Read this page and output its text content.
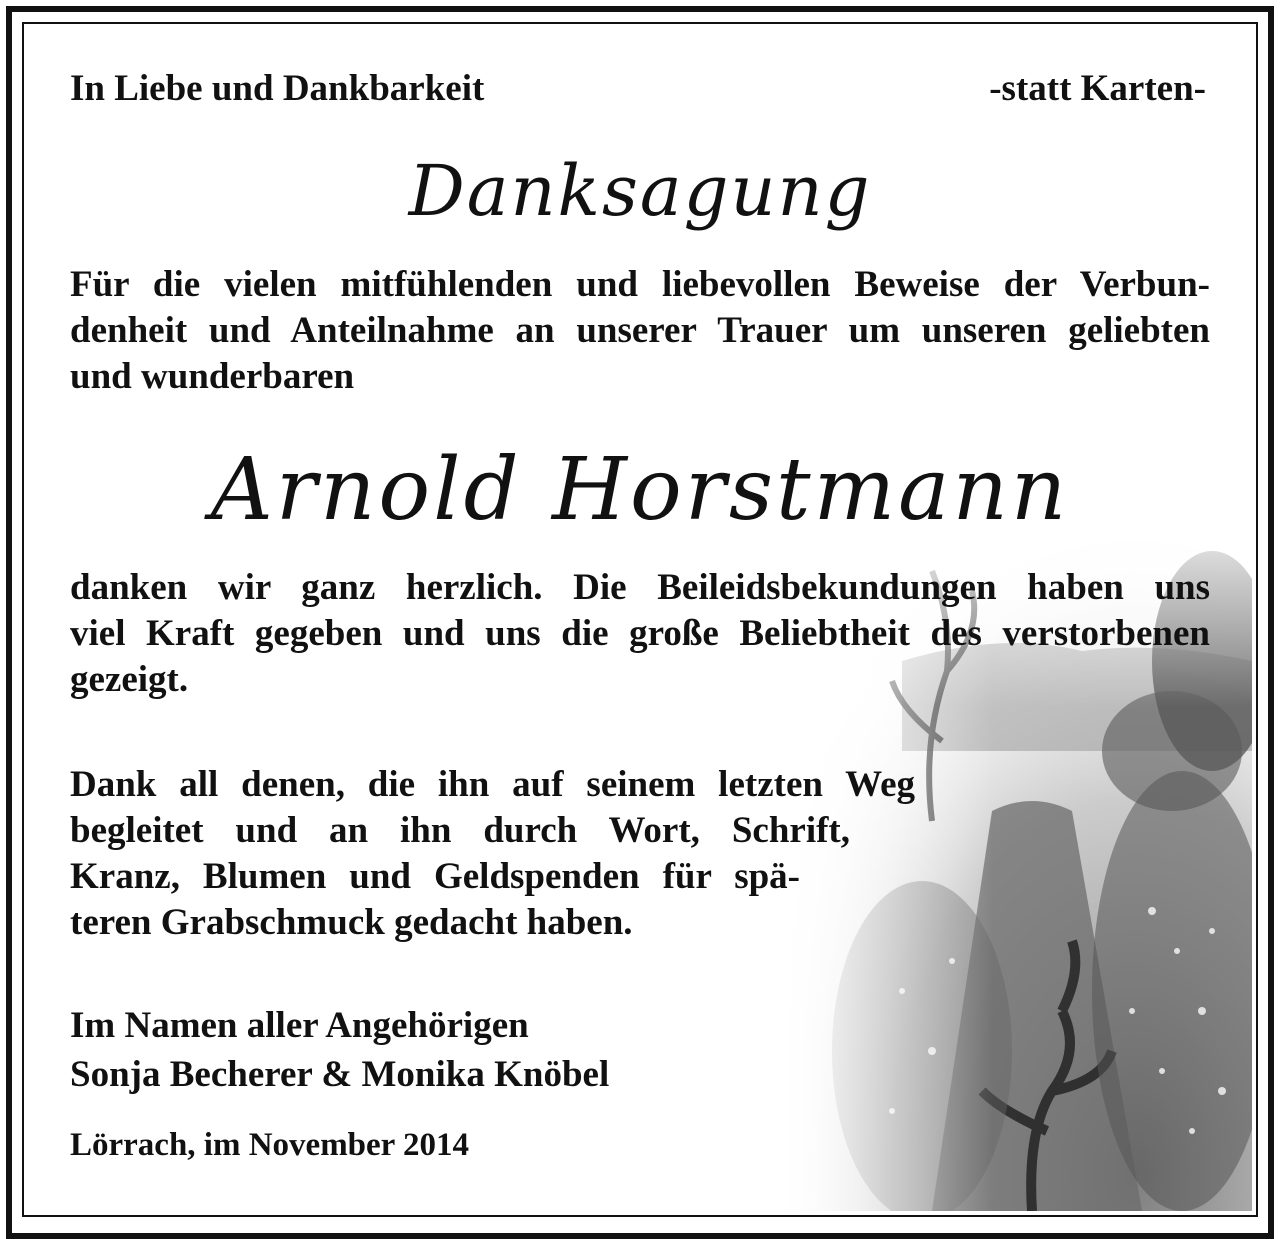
In Liebe und Dankbarkeit	-statt Karten-
Danksagung
Für die vielen mitfühlenden und liebevollen Beweise der Verbun-
denheit und Anteilnahme an unserer Trauer um unseren geliebten
und wunderbaren
Arnold Horstmann
danken wir ganz herzlich. Die Beileidsbekundungen haben uns
viel Kraft gegeben und uns die große Beliebtheit des verstorbenen
gezeigt.
Dank all denen, die ihn auf seinem letzten Weg
begleitet und an ihn durch Wort, Schrift,
Kranz, Blumen und Geldspenden für spä-
teren Grabschmuck gedacht haben.
Im Namen aller Angehörigen
Sonja Becherer & Monika Knöbel
Lörrach, im November 2014
